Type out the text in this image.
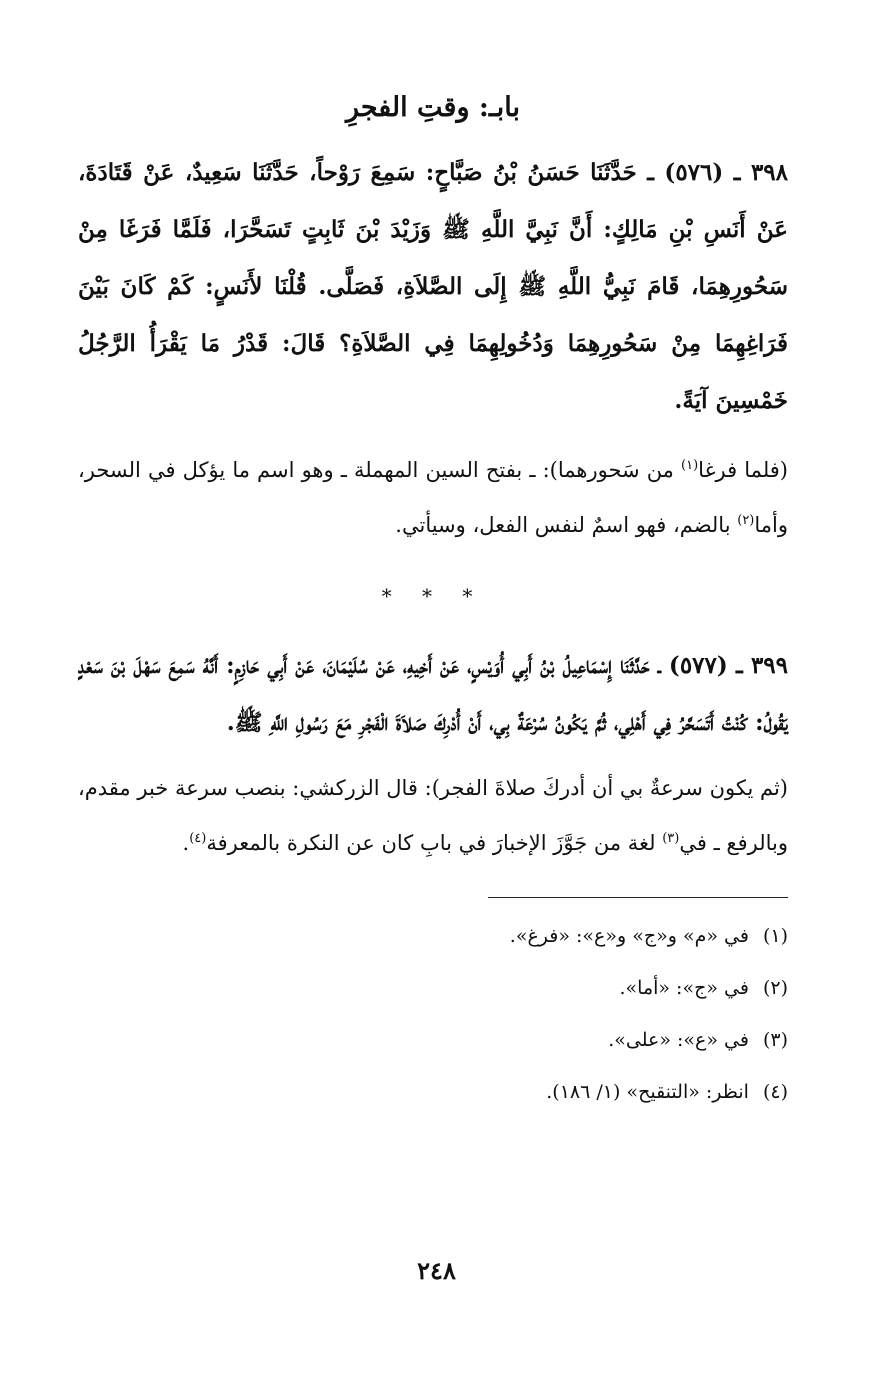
بابـ: وقتِ الفجرِ

٣٩٨ ـ (٥٧٦) ـ حَدَّثَنَا حَسَنُ بْنُ صَبَّاحٍ: سَمِعَ رَوْحاً، حَدَّثَنَا سَعِيدٌ، عَنْ قَتَادَةَ، عَنْ أَنَسِ بْنِ مَالِكٍ: أَنَّ نَبِيَّ اللَّهِ ﷺ وَزَيْدَ بْنَ ثَابِتٍ تَسَحَّرَا، فَلَمَّا فَرَغَا مِنْ سَحُورِهِمَا، قَامَ نَبِيُّ اللَّهِ ﷺ إِلَى الصَّلاَةِ، فَصَلَّى. قُلْنَا لأَنَسٍ: كَمْ كَانَ بَيْنَ فَرَاغِهِمَا مِنْ سَحُورِهِمَا وَدُخُولِهِمَا فِي الصَّلاَةِ؟ قَالَ: قَدْرُ مَا يَقْرَأُ الرَّجُلُ خَمْسِينَ آيَةً.

(فلما فرغا$^{(١)}$ من سَحورهما): ـ بفتح السين المهملة ـ وهو اسم ما يؤكل في السحر، وأما$^{(٢)}$ بالضم، فهو اسمٌ لنفس الفعل، وسيأتي.

* * *

٣٩٩ ـ (٥٧٧) ـ حَدَّثَنَا إِسْمَاعِيلُ بْنُ أَبِي أُوَيْسٍ، عَنْ أَخِيهِ، عَنْ سُلَيْمَانَ، عَنْ أَبِي حَازِمٍ: أَنَّهُ سَمِعَ سَهْلَ بْنَ سَعْدٍ يَقُولُ: كُنْتُ أَتَسَحَّرُ فِي أَهْلِي، ثُمَّ يَكُونُ سُرْعَةٌ بِي، أَنْ أُدْرِكَ صَلاَةَ الْفَجْرِ مَعَ رَسُولِ اللَّهِ ﷺ.

(ثم يكون سرعةٌ بي أن أدركَ صلاةَ الفجر): قال الزركشي: بنصب سرعة خبر مقدم، وبالرفع ـ في$^{(٣)}$ لغة من جَوَّزَ الإخبارَ في بابِ كان عن النكرة بالمعرفة$^{(٤)}$.

(١)في «م» و«ج» و«ع»: «فرغ».
(٢)في «ج»: «أما».
(٣)في «ع»: «على».
(٤)انظر: «التنقيح» (١/ ١٨٦).
٢٤٨
